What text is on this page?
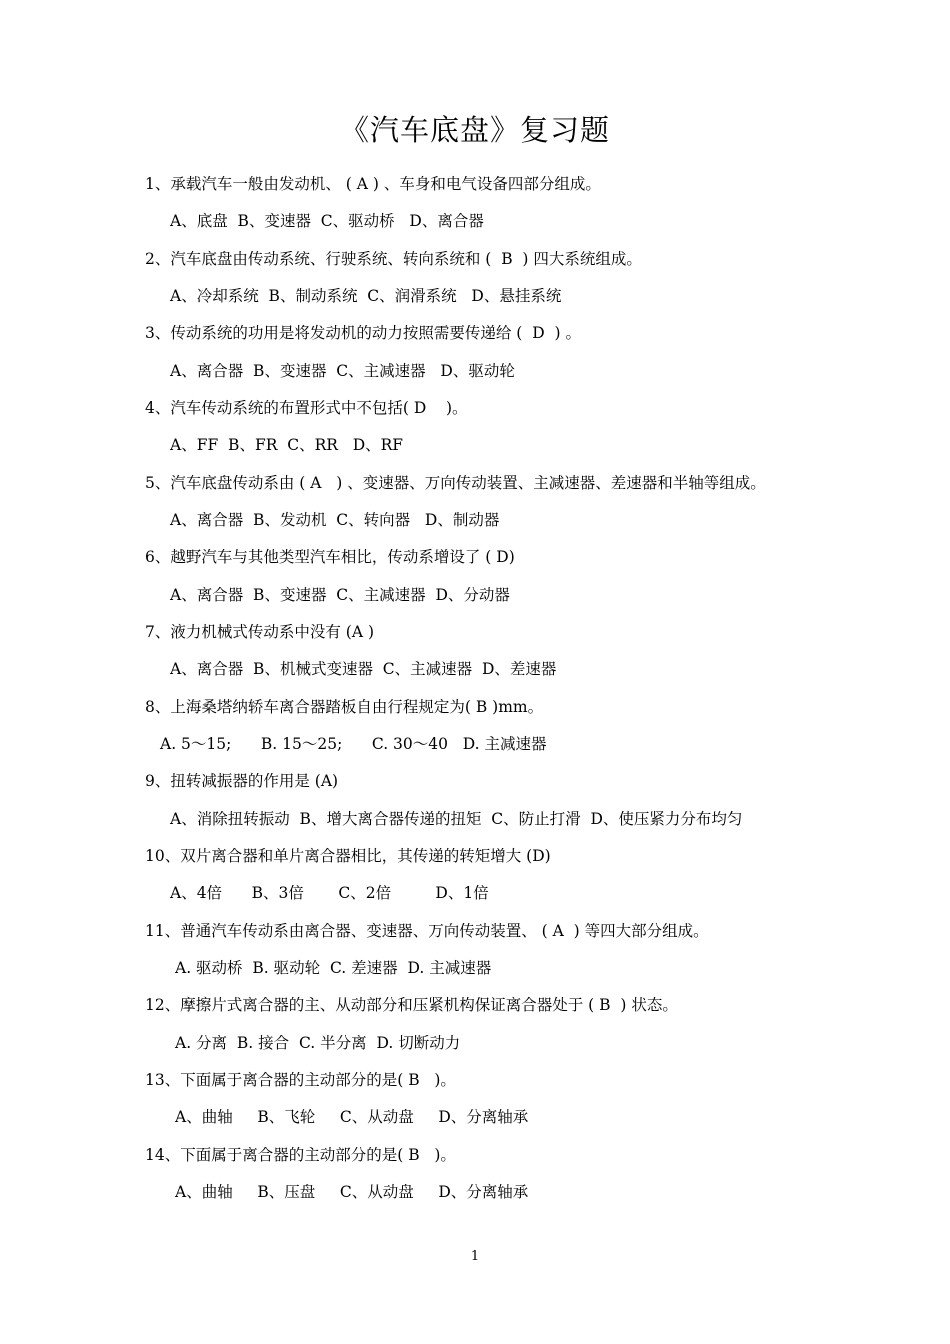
《汽车底盘》复习题
1、承载汽车一般由发动机、 ( A ) 、车身和电气设备四部分组成。
A、底盘  B、变速器  C、驱动桥   D、离合器
2、汽车底盘由传动系统、行驶系统、转向系统和 (  B  ) 四大系统组成。
A、冷却系统  B、制动系统  C、润滑系统   D、悬挂系统
3、传动系统的功用是将发动机的动力按照需要传递给 (  D  ) 。
A、离合器  B、变速器  C、主减速器   D、驱动轮
4、汽车传动系统的布置形式中不包括( D    )。
A、FF  B、FR  C、RR   D、RF
5、汽车底盘传动系由 ( A   ) 、变速器、万向传动装置、主减速器、差速器和半轴等组成。
A、离合器  B、发动机  C、转向器   D、制动器
6、越野汽车与其他类型汽车相比，传动系增设了 ( D)
A、离合器  B、变速器  C、主减速器  D、分动器
7、液力机械式传动系中没有 (A )
A、离合器  B、机械式变速器  C、主减速器  D、差速器
8、上海桑塔纳轿车离合器踏板自由行程规定为( B )mm。
A. 5～15;      B. 15～25;      C. 30～40   D. 主减速器
9、扭转减振器的作用是 (A)
A、消除扭转振动  B、增大离合器传递的扭矩  C、防止打滑  D、使压紧力分布均匀
10、双片离合器和单片离合器相比，其传递的转矩增大 (D)
A、4倍      B、3倍       C、2倍         D、1倍
11、普通汽车传动系由离合器、变速器、万向传动装置、 ( A  ) 等四大部分组成。
A. 驱动桥  B. 驱动轮  C. 差速器  D. 主减速器
12、摩擦片式离合器的主、从动部分和压紧机构保证离合器处于 ( B  ) 状态。
A. 分离  B. 接合  C. 半分离  D. 切断动力
13、下面属于离合器的主动部分的是( B   )。
A、曲轴     B、飞轮     C、从动盘     D、分离轴承
14、下面属于离合器的主动部分的是( B   )。
A、曲轴     B、压盘     C、从动盘     D、分离轴承
1
